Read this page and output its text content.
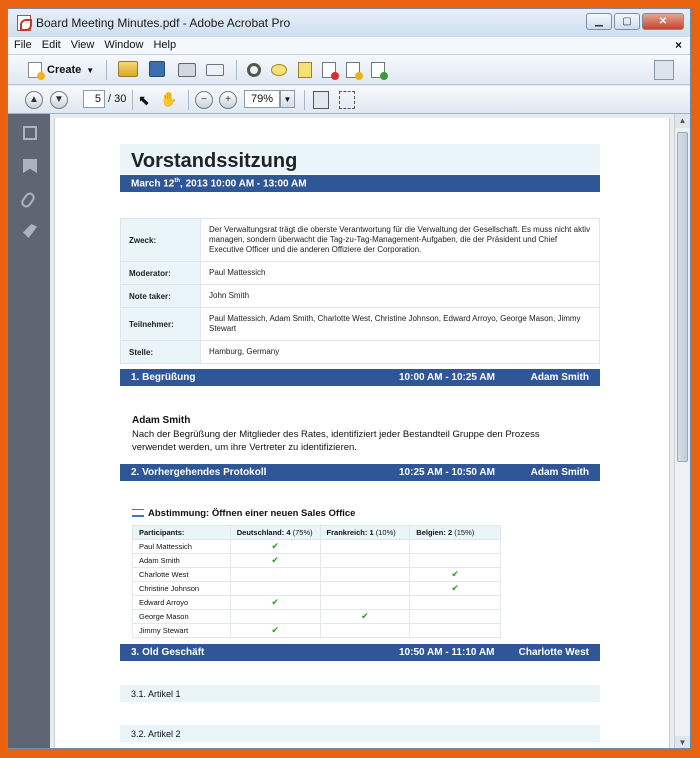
Board Meeting Minutes.pdf - Adobe Acrobat Pro	▁	▢	✕
File Edit View Window Help	×
Create ▼
▲ ▼	5 / 30 ⬉ ✋ − +	79%	▼
Vorstandssitzung
March 12th, 2013 10:00 AM - 13:00 AM
Zweck:	Der Verwaltungsrat trägt die oberste Verantwortung für die Verwaltung der Gesellschaft. Es muss nicht aktiv managen, sondern überwacht die Tag-zu-Tag-Management-Aufgaben, die der Präsident und Chief Executive Officer und die anderen Offiziere der Corporation.
Moderator:	Paul Mattessich
Note taker:	John Smith
Teilnehmer:	Paul Mattessich, Adam Smith, Charlotte West, Christine Johnson, Edward Arroyo, George Mason, Jimmy Stewart
Stelle:	Hamburg, Germany
1. Begrüßung	10:00 AM - 10:25 AM	Adam Smith
Adam Smith
Nach der Begrüßung der Mitglieder des Rates, identifiziert jeder Bestandteil Gruppe den Prozess verwendet werden, um ihre Vertreter zu identifizieren.
2. Vorhergehendes Protokoll	10:25 AM - 10:50 AM	Adam Smith
Abstimmung: Öffnen einer neuen Sales Office
Participants:	Deutschland: 4 (75%)	Frankreich: 1 (10%)	Belgien: 2 (15%)
Paul Mattessich	✔		
Adam Smith	✔		
Charlotte West			✔
Christine Johnson			✔
Edward Arroyo	✔		
George Mason		✔	
Jimmy Stewart	✔		
3. Old Geschäft	10:50 AM - 11:10 AM Charlotte West
3.1. Artikel 1
3.2. Artikel 2
▲
▼
